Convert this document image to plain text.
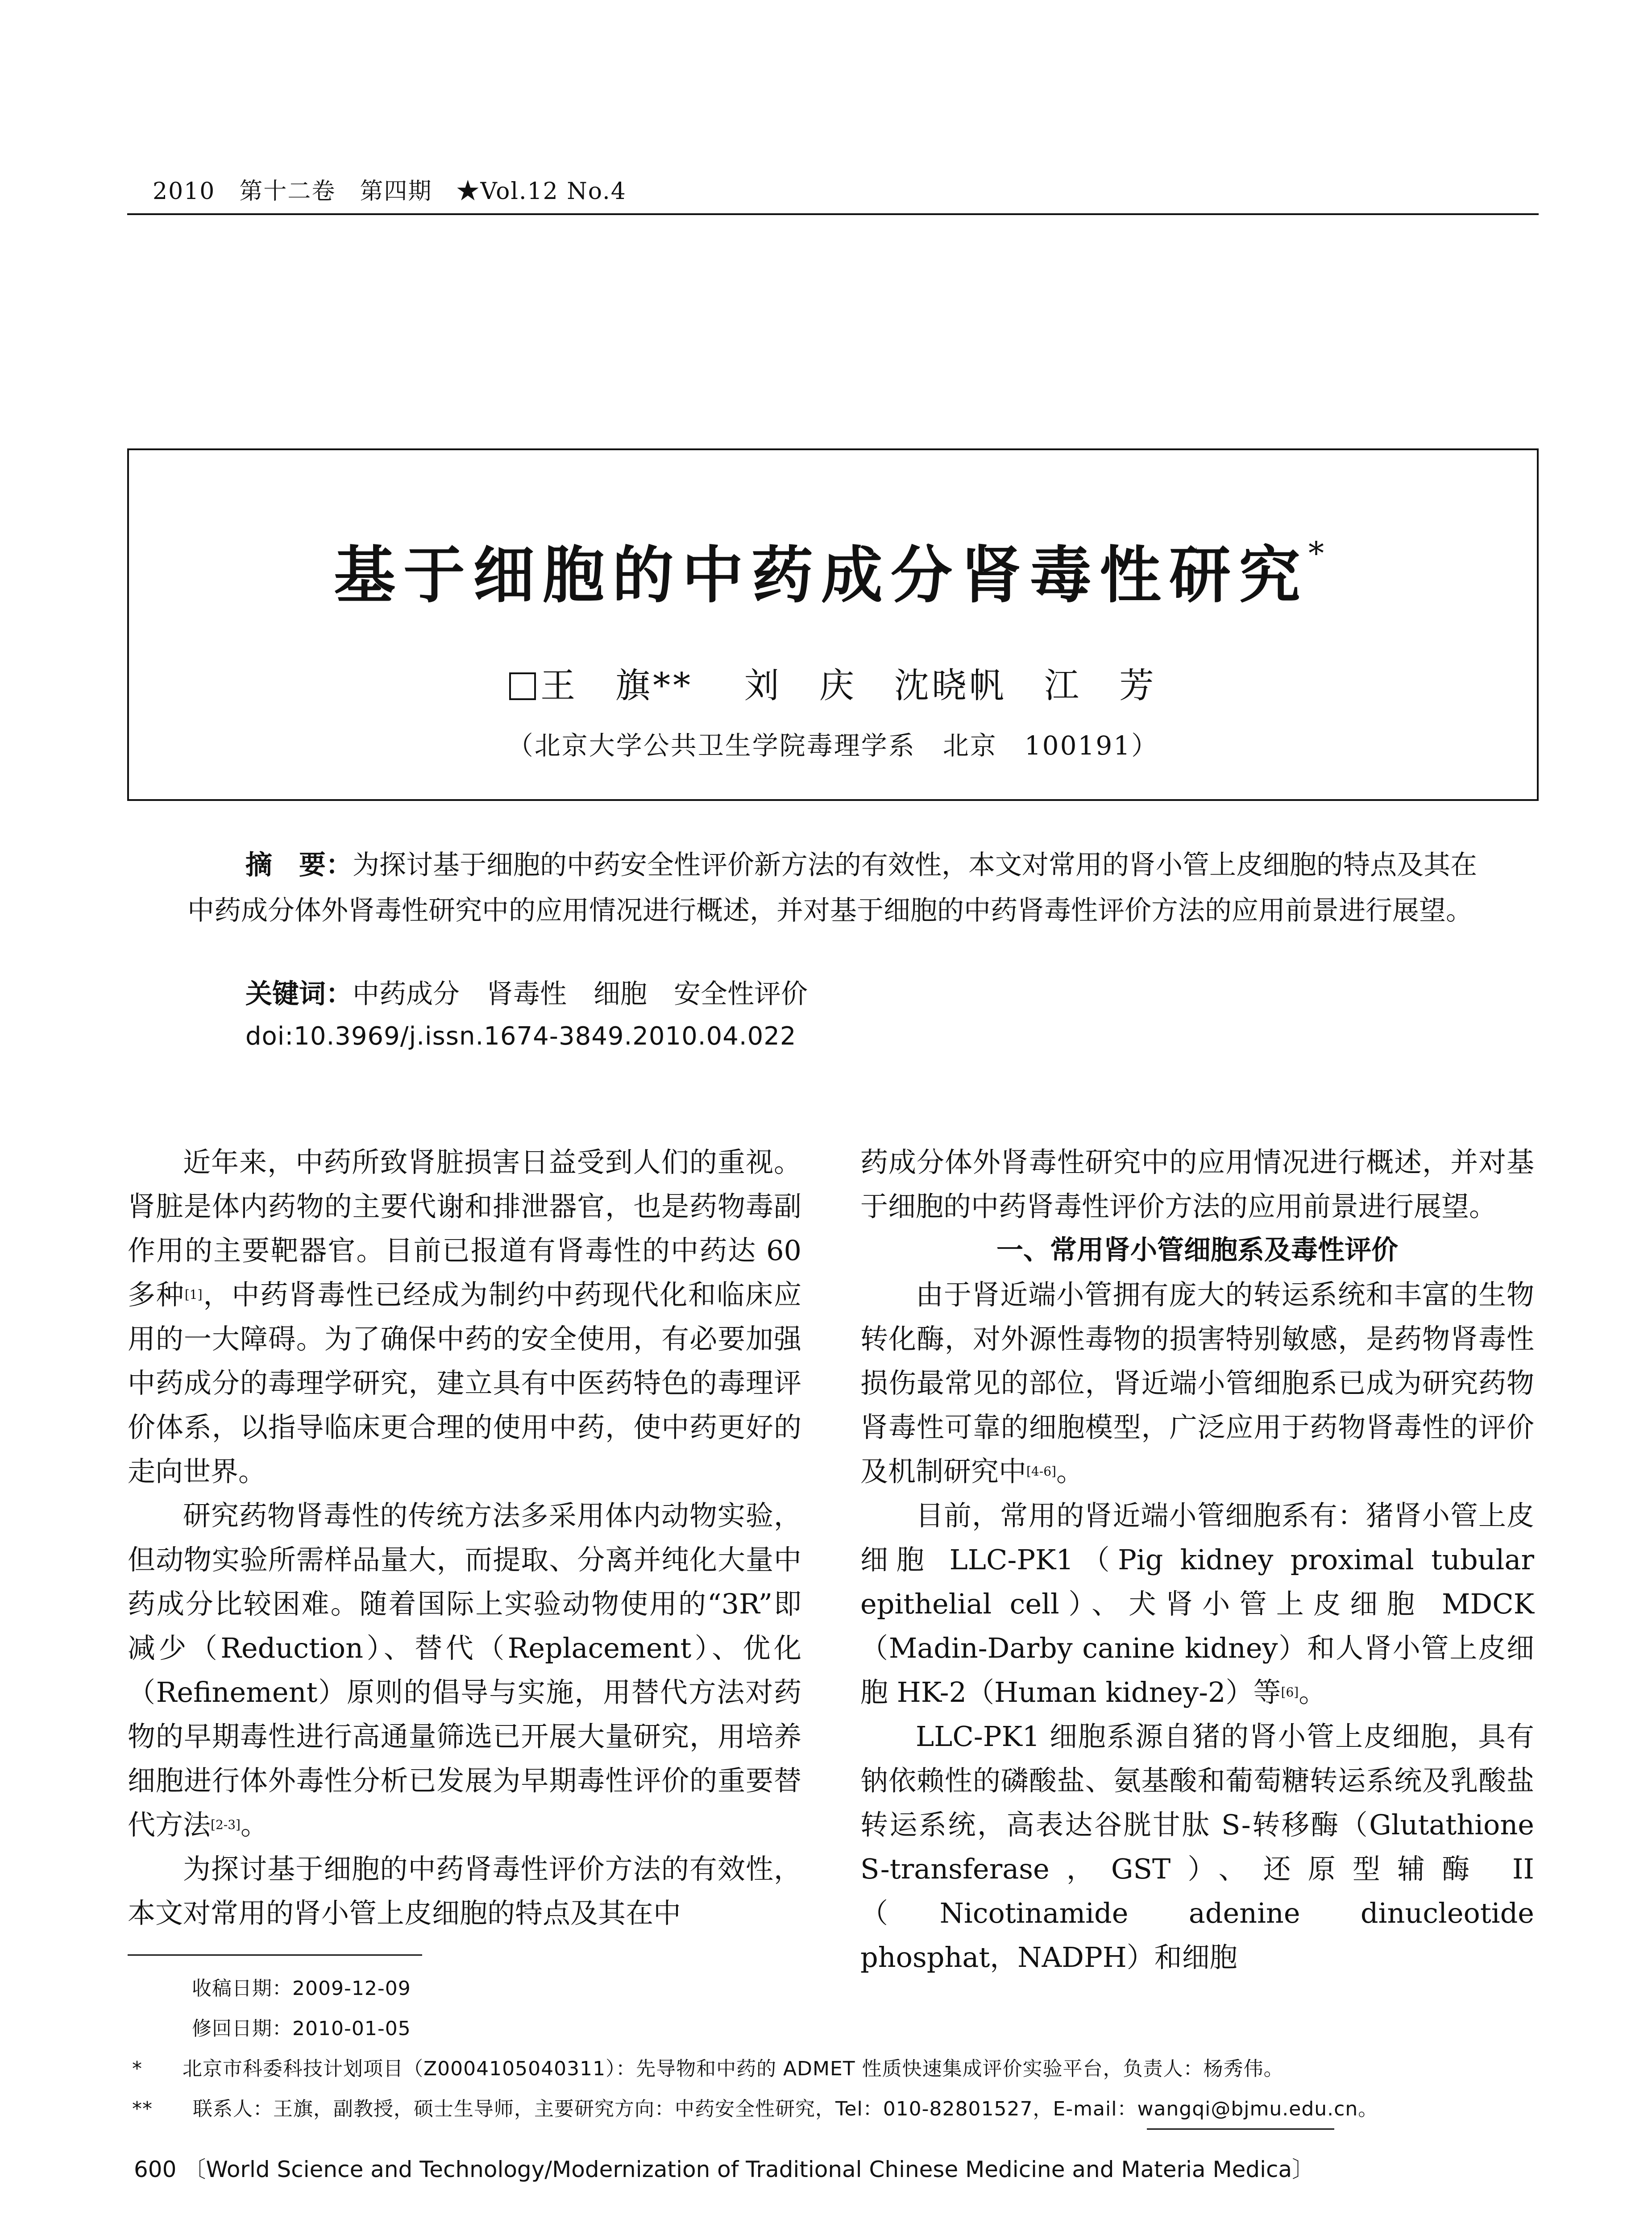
2010　第十二卷　第四期　★Vol.12 No.4
基于细胞的中药成分肾毒性研究*
王　旗** 　刘　庆　沈晓帆　江　芳
（北京大学公共卫生学院毒理学系　北京　100191）
摘　要：为探讨基于细胞的中药安全性评价新方法的有效性，本文对常用的肾小管上皮细胞的特点及其在中药成分体外肾毒性研究中的应用情况进行概述，并对基于细胞的中药肾毒性评价方法的应用前景进行展望。
关键词：中药成分　肾毒性　细胞　安全性评价
doi:10.3969/j.issn.1674-3849.2010.04.022

近年来，中药所致肾脏损害日益受到人们的重视。肾脏是体内药物的主要代谢和排泄器官，也是药物毒副作用的主要靶器官。目前已报道有肾毒性的中药达 60 多种[1]，中药肾毒性已经成为制约中药现代化和临床应用的一大障碍。为了确保中药的安全使用，有必要加强中药成分的毒理学研究，建立具有中医药特色的毒理评价体系，以指导临床更合理的使用中药，使中药更好的走向世界。

研究药物肾毒性的传统方法多采用体内动物实验，但动物实验所需样品量大，而提取、分离并纯化大量中药成分比较困难。随着国际上实验动物使用的“3R”即减少（Reduction）、替代（Replacement）、优化（Refinement）原则的倡导与实施，用替代方法对药物的早期毒性进行高通量筛选已开展大量研究，用培养细胞进行体外毒性分析已发展为早期毒性评价的重要替代方法[2-3]。

为探讨基于细胞的中药肾毒性评价方法的有效性，本文对常用的肾小管上皮细胞的特点及其在中

药成分体外肾毒性研究中的应用情况进行概述，并对基于细胞的中药肾毒性评价方法的应用前景进行展望。

一、常用肾小管细胞系及毒性评价

由于肾近端小管拥有庞大的转运系统和丰富的生物转化酶，对外源性毒物的损害特别敏感，是药物肾毒性损伤最常见的部位，肾近端小管细胞系已成为研究药物肾毒性可靠的细胞模型，广泛应用于药物肾毒性的评价及机制研究中[4-6]。

目前，常用的肾近端小管细胞系有：猪肾小管上皮细胞 LLC-PK1（Pig kidney proximal tubular epithelial cell）、犬肾小管上皮细胞 MDCK（Madin-Darby canine kidney）和人肾小管上皮细胞 HK-2（Human kidney-2）等[6]。

LLC-PK1 细胞系源自猪的肾小管上皮细胞，具有钠依赖性的磷酸盐、氨基酸和葡萄糖转运系统及乳酸盐转运系统，高表达谷胱甘肽 S-转移酶（Glutathione S-transferase，GST）、还原型辅酶 II（Nicotinamide adenine dinucleotide phosphat，NADPH）和细胞

收稿日期：2009-12-09
修回日期：2010-01-05
*　　北京市科委科技计划项目（Z0004105040311）：先导物和中药的 ADMET 性质快速集成评价实验平台，负责人：杨秀伟。
**　　联系人：王旗，副教授，硕士生导师，主要研究方向：中药安全性研究，Tel：010-82801527，E-mail：wangqi@bjmu.edu.cn。
600 〔World Science and Technology/Modernization of Traditional Chinese Medicine and Materia Medica〕
